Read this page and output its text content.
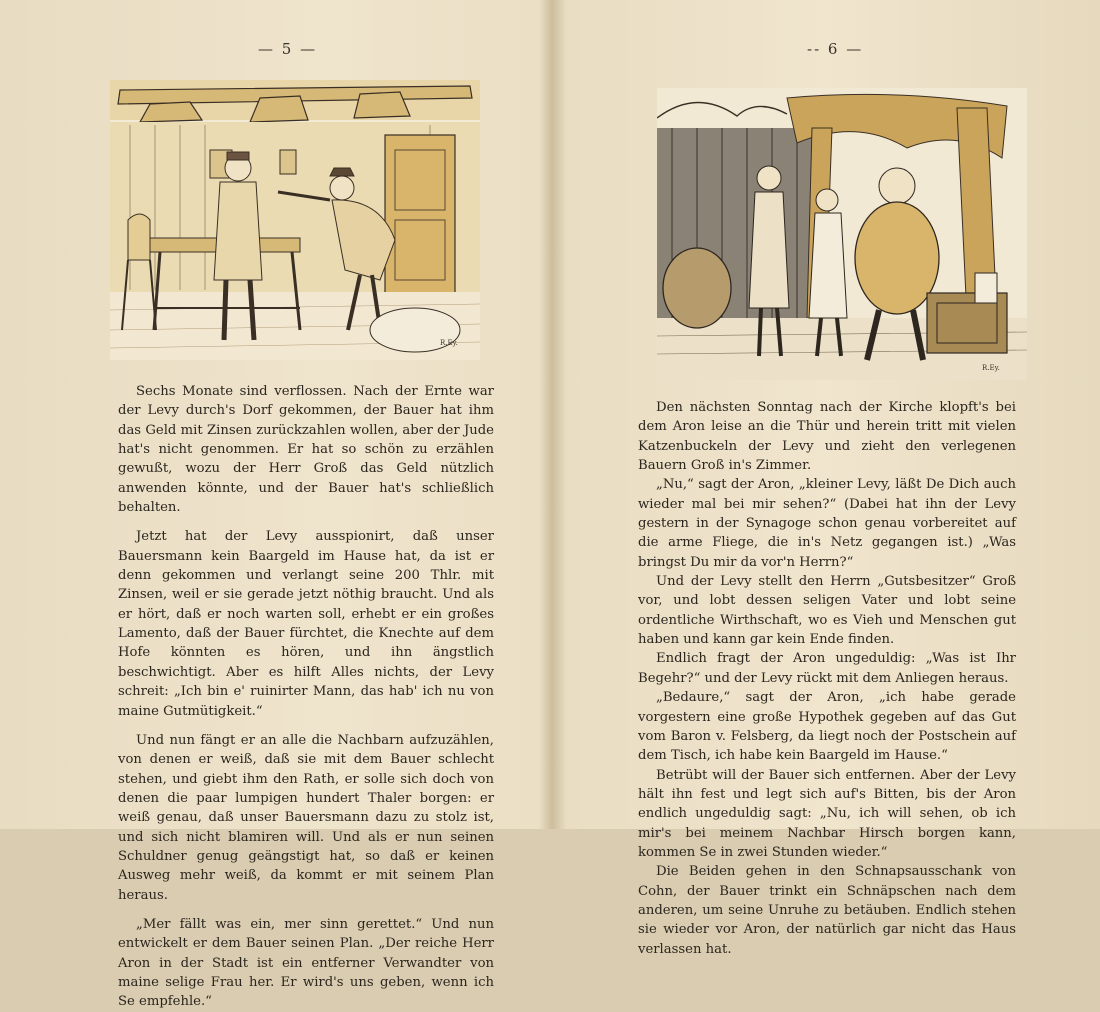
— 5 —
R.Ey.

Sechs Monate sind verflossen. Nach der Ernte war der Levy durch's Dorf gekommen, der Bauer hat ihm das Geld mit Zinsen zurückzahlen wollen, aber der Jude hat's nicht genommen. Er hat so schön zu erzählen gewußt, wozu der Herr Groß das Geld nützlich anwenden könnte, und der Bauer hat's schließlich behalten.

Jetzt hat der Levy ausspionirt, daß unser Bauersmann kein Baargeld im Hause hat, da ist er denn gekommen und verlangt seine 200 Thlr. mit Zinsen, weil er sie gerade jetzt nöthig braucht. Und als er hört, daß er noch warten soll, erhebt er ein großes Lamento, daß der Bauer fürchtet, die Knechte auf dem Hofe könnten es hören, und ihn ängstlich beschwichtigt. Aber es hilft Alles nichts, der Levy schreit: „Ich bin e' ruinirter Mann, das hab' ich nu von maine Gutmütigkeit.“

Und nun fängt er an alle die Nachbarn aufzuzählen, von denen er weiß, daß sie mit dem Bauer schlecht stehen, und giebt ihm den Rath, er solle sich doch von denen die paar lumpigen hundert Thaler borgen: er weiß genau, daß unser Bauersmann dazu zu stolz ist, und sich nicht blamiren will. Und als er nun seinen Schuldner genug geängstigt hat, so daß er keinen Ausweg mehr weiß, da kommt er mit seinem Plan heraus.

„Mer fällt was ein, mer sinn gerettet.“ Und nun entwickelt er dem Bauer seinen Plan. „Der reiche Herr Aron in der Stadt ist ein entferner Verwandter von maine selige Frau her. Er wird's uns geben, wenn ich Se empfehle.“

-- 6 —
R.Ey.

Den nächsten Sonntag nach der Kirche klopft's bei dem Aron leise an die Thür und herein tritt mit vielen Katzenbuckeln der Levy und zieht den verlegenen Bauern Groß in's Zimmer.

„Nu,“ sagt der Aron, „kleiner Levy, läßt De Dich auch wieder mal bei mir sehen?“ (Dabei hat ihn der Levy gestern in der Synagoge schon genau vorbereitet auf die arme Fliege, die in's Netz gegangen ist.) „Was bringst Du mir da vor'n Herrn?“

Und der Levy stellt den Herrn „Gutsbesitzer“ Groß vor, und lobt dessen seligen Vater und lobt seine ordentliche Wirthschaft, wo es Vieh und Menschen gut haben und kann gar kein Ende finden.

Endlich fragt der Aron ungeduldig: „Was ist Ihr Begehr?“ und der Levy rückt mit dem Anliegen heraus.

„Bedaure,“ sagt der Aron, „ich habe gerade vorgestern eine große Hypothek gegeben auf das Gut vom Baron v. Felsberg, da liegt noch der Postschein auf dem Tisch, ich habe kein Baargeld im Hause.“

Betrübt will der Bauer sich entfernen. Aber der Levy hält ihn fest und legt sich auf's Bitten, bis der Aron endlich ungeduldig sagt: „Nu, ich will sehen, ob ich mir's bei meinem Nachbar Hirsch borgen kann, kommen Se in zwei Stunden wieder.“

Die Beiden gehen in den Schnapsausschank von Cohn, der Bauer trinkt ein Schnäpschen nach dem anderen, um seine Unruhe zu betäuben. Endlich stehen sie wieder vor Aron, der natürlich gar nicht das Haus verlassen hat.
